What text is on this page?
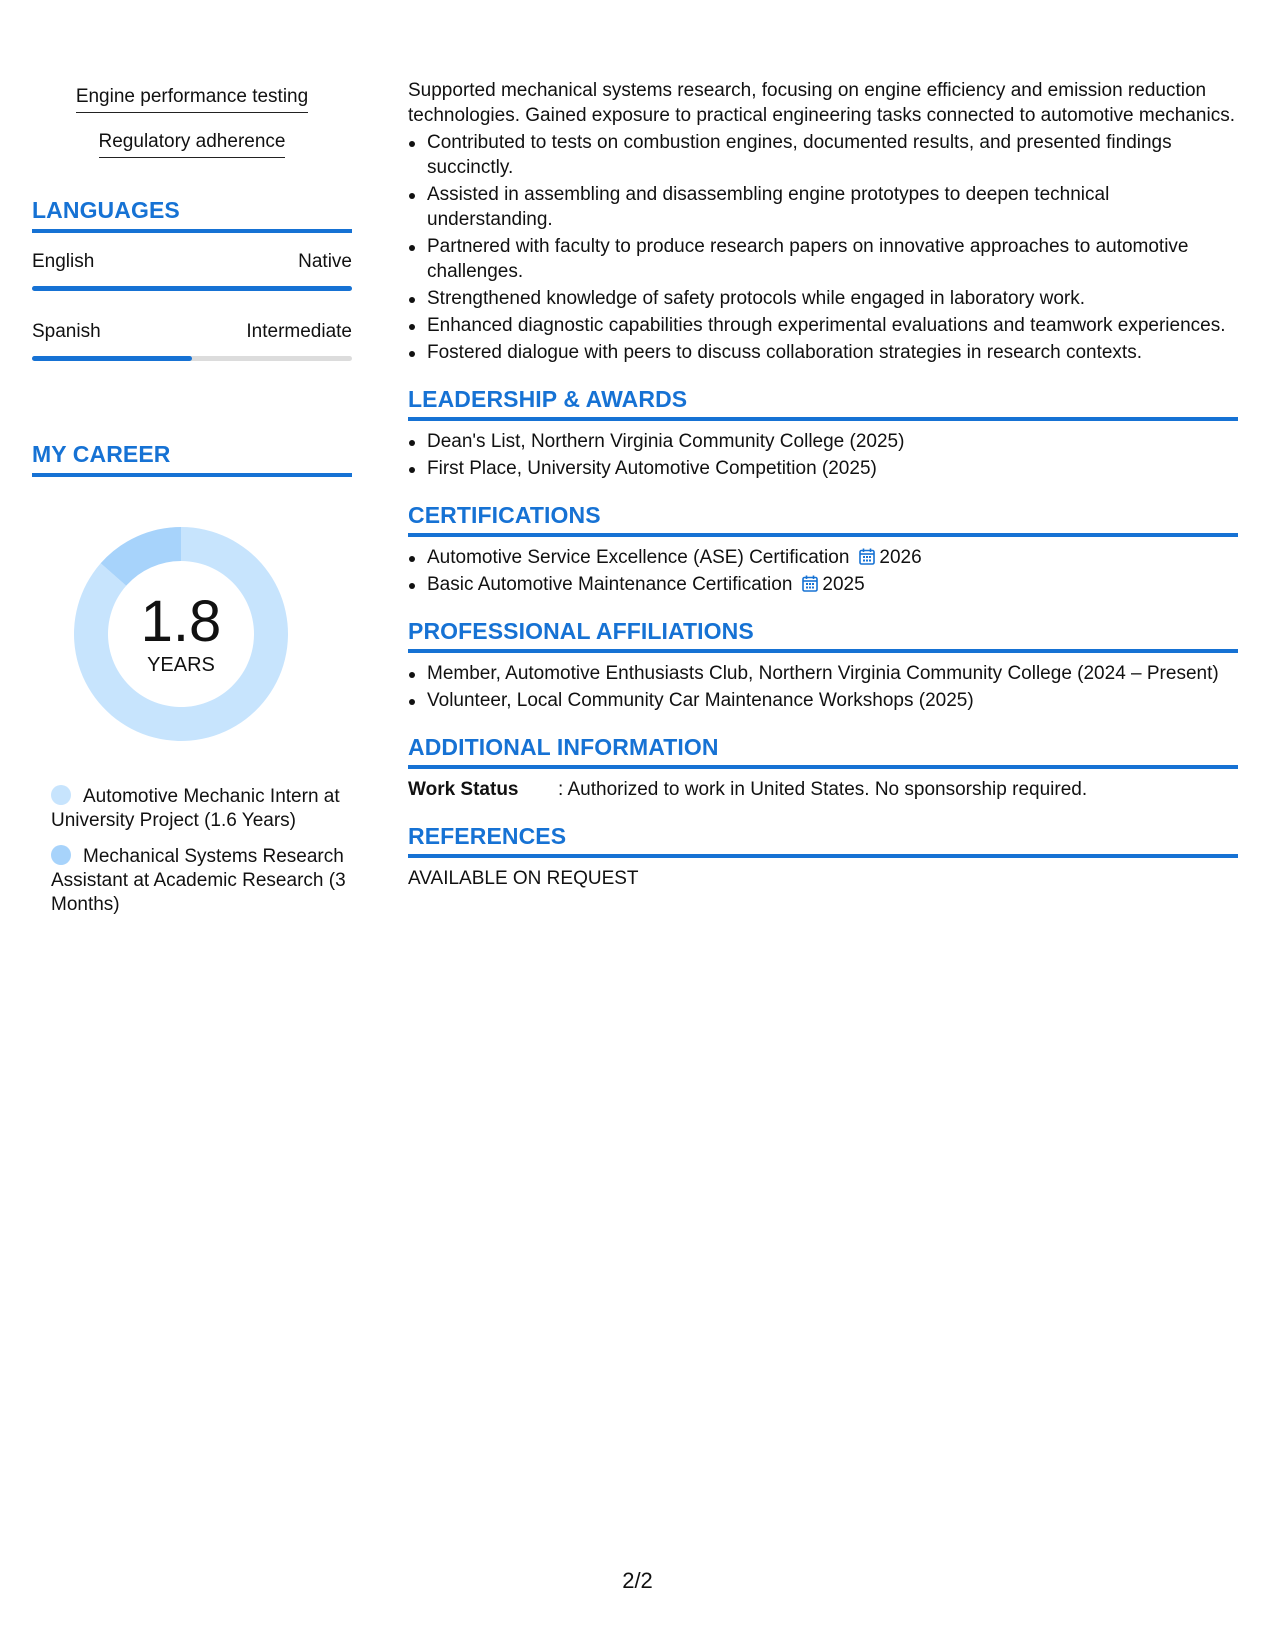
Engine performance testing
Regulatory adherence
LANGUAGES
English	Native
Spanish	Intermediate
MY CAREER
1.8
YEARS
Automotive Mechanic Intern at University Project (1.6 Years)
Mechanical Systems Research Assistant at Academic Research (3 Months)
Supported mechanical systems research, focusing on engine efficiency and emission reduction technologies. Gained exposure to practical engineering tasks connected to automotive mechanics.
Contributed to tests on combustion engines, documented results, and presented findings succinctly.
Assisted in assembling and disassembling engine prototypes to deepen technical understanding.
Partnered with faculty to produce research papers on innovative approaches to automotive challenges.
Strengthened knowledge of safety protocols while engaged in laboratory work.
Enhanced diagnostic capabilities through experimental evaluations and teamwork experiences.
Fostered dialogue with peers to discuss collaboration strategies in research contexts.
LEADERSHIP & AWARDS
Dean's List, Northern Virginia Community College (2025)
First Place, University Automotive Competition (2025)
CERTIFICATIONS
Automotive Service Excellence (ASE) Certification 2026
Basic Automotive Maintenance Certification 2025
PROFESSIONAL AFFILIATIONS
Member, Automotive Enthusiasts Club, Northern Virginia Community College (2024 – Present)
Volunteer, Local Community Car Maintenance Workshops (2025)
ADDITIONAL INFORMATION
Work Status	: Authorized to work in United States. No sponsorship required.
REFERENCES
AVAILABLE ON REQUEST
2/2
